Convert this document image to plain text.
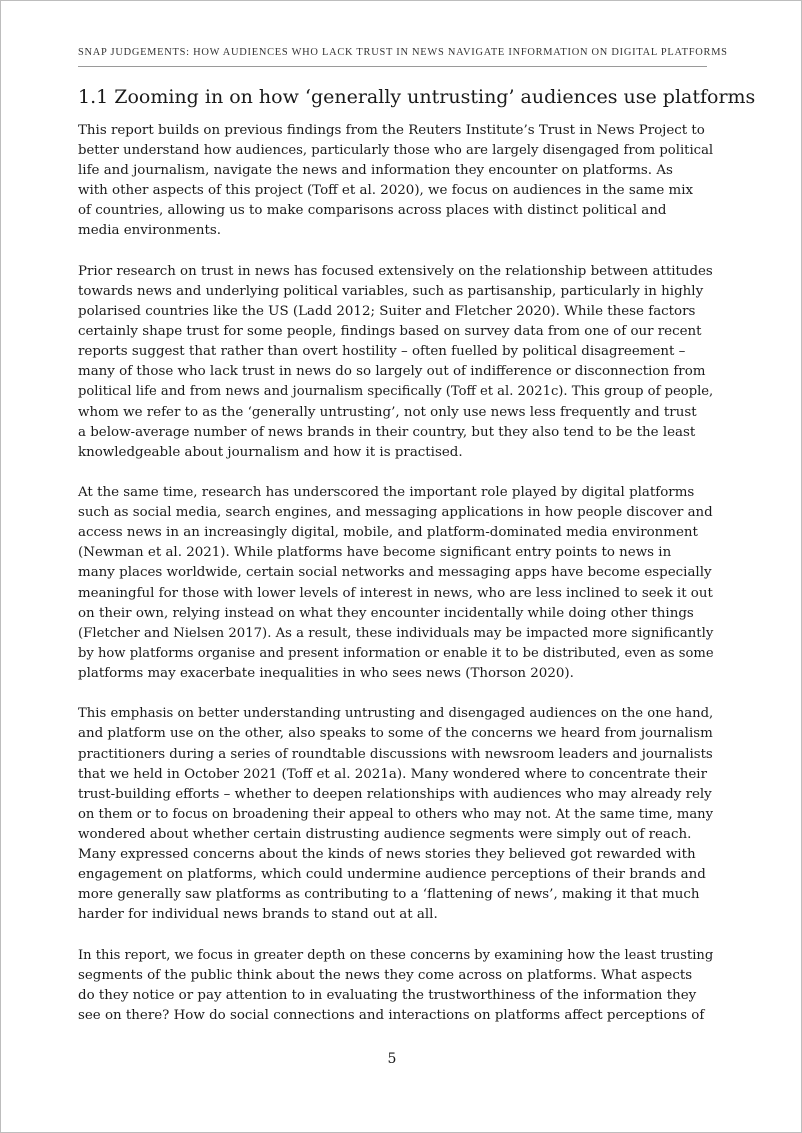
SNAP JUDGEMENTS: HOW AUDIENCES WHO LACK TRUST IN NEWS NAVIGATE INFORMATION ON DIGITAL PLATFORMS
1.1 Zooming in on how ‘generally untrusting’ audiences use platforms

This report builds on previous findings from the Reuters Institute’s Trust in News Project to
better understand how audiences, particularly those who are largely disengaged from political
life and journalism, navigate the news and information they encounter on platforms. As
with other aspects of this project (Toff et al. 2020), we focus on audiences in the same mix
of countries, allowing us to make comparisons across places with distinct political and
media environments.

Prior research on trust in news has focused extensively on the relationship between attitudes
towards news and underlying political variables, such as partisanship, particularly in highly
polarised countries like the US (Ladd 2012; Suiter and Fletcher 2020). While these factors
certainly shape trust for some people, findings based on survey data from one of our recent
reports suggest that rather than overt hostility – often fuelled by political disagreement –
many of those who lack trust in news do so largely out of indifference or disconnection from
political life and from news and journalism specifically (Toff et al. 2021c). This group of people,
whom we refer to as the ‘generally untrusting’, not only use news less frequently and trust
a below-average number of news brands in their country, but they also tend to be the least
knowledgeable about journalism and how it is practised.

At the same time, research has underscored the important role played by digital platforms
such as social media, search engines, and messaging applications in how people discover and
access news in an increasingly digital, mobile, and platform-dominated media environment
(Newman et al. 2021). While platforms have become significant entry points to news in
many places worldwide, certain social networks and messaging apps have become especially
meaningful for those with lower levels of interest in news, who are less inclined to seek it out
on their own, relying instead on what they encounter incidentally while doing other things
(Fletcher and Nielsen 2017). As a result, these individuals may be impacted more significantly
by how platforms organise and present information or enable it to be distributed, even as some
platforms may exacerbate inequalities in who sees news (Thorson 2020).

This emphasis on better understanding untrusting and disengaged audiences on the one hand,
and platform use on the other, also speaks to some of the concerns we heard from journalism
practitioners during a series of roundtable discussions with newsroom leaders and journalists
that we held in October 2021 (Toff et al. 2021a). Many wondered where to concentrate their
trust-building efforts – whether to deepen relationships with audiences who may already rely
on them or to focus on broadening their appeal to others who may not. At the same time, many
wondered about whether certain distrusting audience segments were simply out of reach.
Many expressed concerns about the kinds of news stories they believed got rewarded with
engagement on platforms, which could undermine audience perceptions of their brands and
more generally saw platforms as contributing to a ‘flattening of news’, making it that much
harder for individual news brands to stand out at all.

In this report, we focus in greater depth on these concerns by examining how the least trusting
segments of the public think about the news they come across on platforms. What aspects
do they notice or pay attention to in evaluating the trustworthiness of the information they
see on there? How do social connections and interactions on platforms affect perceptions of

5
